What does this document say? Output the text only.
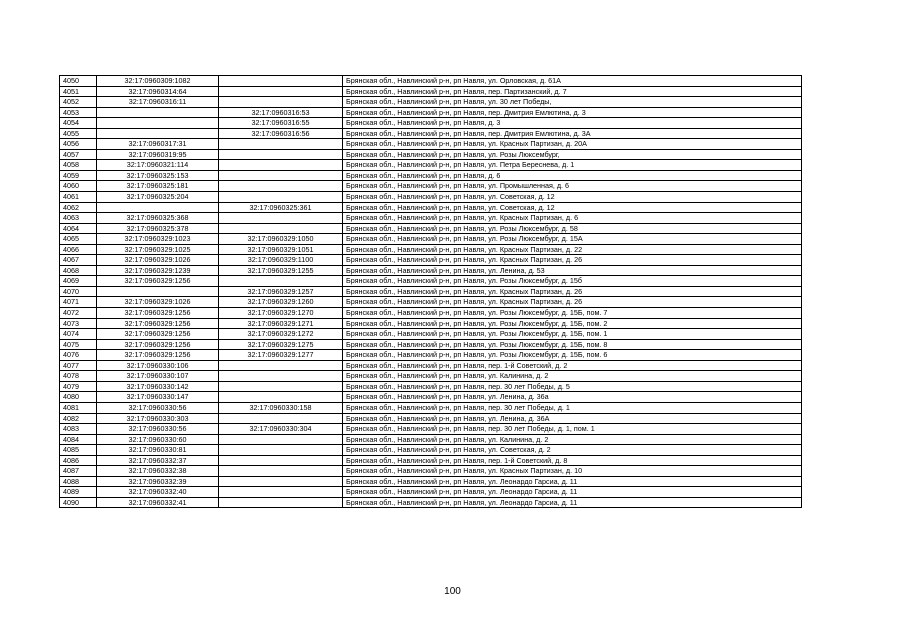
4050	32:17:0960309:1082		Брянская обл., Навлинский р-н, рп Навля, ул. Орловская, д. 61А
4051	32:17:0960314:64		Брянская обл., Навлинский р-н, рп Навля, пер. Партизанский, д. 7
4052	32:17:0960316:11		Брянская обл., Навлинский р-н, рп Навля, ул. 30 лет Победы,
4053		32:17:0960316:53	Брянская обл., Навлинский р-н, рп Навля, пер. Дмитрия Емлютина, д. 3
4054		32:17:0960316:55	Брянская обл., Навлинский р-н, рп Навля, д. 3
4055		32:17:0960316:56	Брянская обл., Навлинский р-н, рп Навля, пер. Дмитрия Емлютина, д. 3А
4056	32:17:0960317:31		Брянская обл., Навлинский р-н, рп Навля, ул. Красных Партизан, д. 20А
4057	32:17:0960319:95		Брянская обл., Навлинский р-н, рп Навля, ул. Розы Люксембург,
4058	32:17:0960321:114		Брянская обл., Навлинский р-н, рп Навля, ул. Петра Береснева, д. 1
4059	32:17:0960325:153		Брянская обл., Навлинский р-н, рп Навля, д. 6
4060	32:17:0960325:181		Брянская обл., Навлинский р-н, рп Навля, ул. Промышленная, д. 6
4061	32:17:0960325:204		Брянская обл., Навлинский р-н, рп Навля, ул. Советская, д. 12
4062		32:17:0960325:361	Брянская обл., Навлинский р-н, рп Навля, ул. Советская, д. 12
4063	32:17:0960325:368		Брянская обл., Навлинский р-н, рп Навля, ул. Красных Партизан, д. 6
4064	32:17:0960325:378		Брянская обл., Навлинский р-н, рп Навля, ул. Розы Люксембург, д. 58
4065	32:17:0960329:1023	32:17:0960329:1050	Брянская обл., Навлинский р-н, рп Навля, ул. Розы Люксембург, д. 15А
4066	32:17:0960329:1025	32:17:0960329:1051	Брянская обл., Навлинский р-н, рп Навля, ул. Красных Партизан, д. 22
4067	32:17:0960329:1026	32:17:0960329:1100	Брянская обл., Навлинский р-н, рп Навля, ул. Красных Партизан, д. 26
4068	32:17:0960329:1239	32:17:0960329:1255	Брянская обл., Навлинский р-н, рп Навля, ул. Ленина, д. 53
4069	32:17:0960329:1256		Брянская обл., Навлинский р-н, рп Навля, ул. Розы Люксембург, д. 15б
4070		32:17:0960329:1257	Брянская обл., Навлинский р-н, рп Навля, ул. Красных Партизан, д. 26
4071	32:17:0960329:1026	32:17:0960329:1260	Брянская обл., Навлинский р-н, рп Навля, ул. Красных Партизан, д. 26
4072	32:17:0960329:1256	32:17:0960329:1270	Брянская обл., Навлинский р-н, рп Навля, ул. Розы Люксембург, д. 15Б, пом. 7
4073	32:17:0960329:1256	32:17:0960329:1271	Брянская обл., Навлинский р-н, рп Навля, ул. Розы Люксембург, д. 15Б, пом. 2
4074	32:17:0960329:1256	32:17:0960329:1272	Брянская обл., Навлинский р-н, рп Навля, ул. Розы Люксембург, д. 15Б, пом. 1
4075	32:17:0960329:1256	32:17:0960329:1275	Брянская обл., Навлинский р-н, рп Навля, ул. Розы Люксембург, д. 15Б, пом. 8
4076	32:17:0960329:1256	32:17:0960329:1277	Брянская обл., Навлинский р-н, рп Навля, ул. Розы Люксембург, д. 15Б, пом. 6
4077	32:17:0960330:106		Брянская обл., Навлинский р-н, рп Навля, пер. 1-й Советский, д. 2
4078	32:17:0960330:107		Брянская обл., Навлинский р-н, рп Навля, ул. Калинина, д. 2
4079	32:17:0960330:142		Брянская обл., Навлинский р-н, рп Навля, пер. 30 лет Победы, д. 5
4080	32:17:0960330:147		Брянская обл., Навлинский р-н, рп Навля, ул. Ленина, д. 36а
4081	32:17:0960330:56	32:17:0960330:158	Брянская обл., Навлинский р-н, рп Навля, пер. 30 лет Победы, д. 1
4082	32:17:0960330:303		Брянская обл., Навлинский р-н, рп Навля, ул. Ленина, д. 36А
4083	32:17:0960330:56	32:17:0960330:304	Брянская обл., Навлинский р-н, рп Навля, пер. 30 лет Победы, д. 1, пом. 1
4084	32:17:0960330:60		Брянская обл., Навлинский р-н, рп Навля, ул. Калинина, д. 2
4085	32:17:0960330:81		Брянская обл., Навлинский р-н, рп Навля, ул. Советская, д. 2
4086	32:17:0960332:37		Брянская обл., Навлинский р-н, рп Навля, пер. 1-й Советский, д. 8
4087	32:17:0960332:38		Брянская обл., Навлинский р-н, рп Навля, ул. Красных Партизан, д. 10
4088	32:17:0960332:39		Брянская обл., Навлинский р-н, рп Навля, ул. Леонардо Гарсиа, д. 11
4089	32:17:0960332:40		Брянская обл., Навлинский р-н, рп Навля, ул. Леонардо Гарсиа, д. 11
4090	32:17:0960332:41		Брянская обл., Навлинский р-н, рп Навля, ул. Леонардо Гарсиа, д. 11
100
